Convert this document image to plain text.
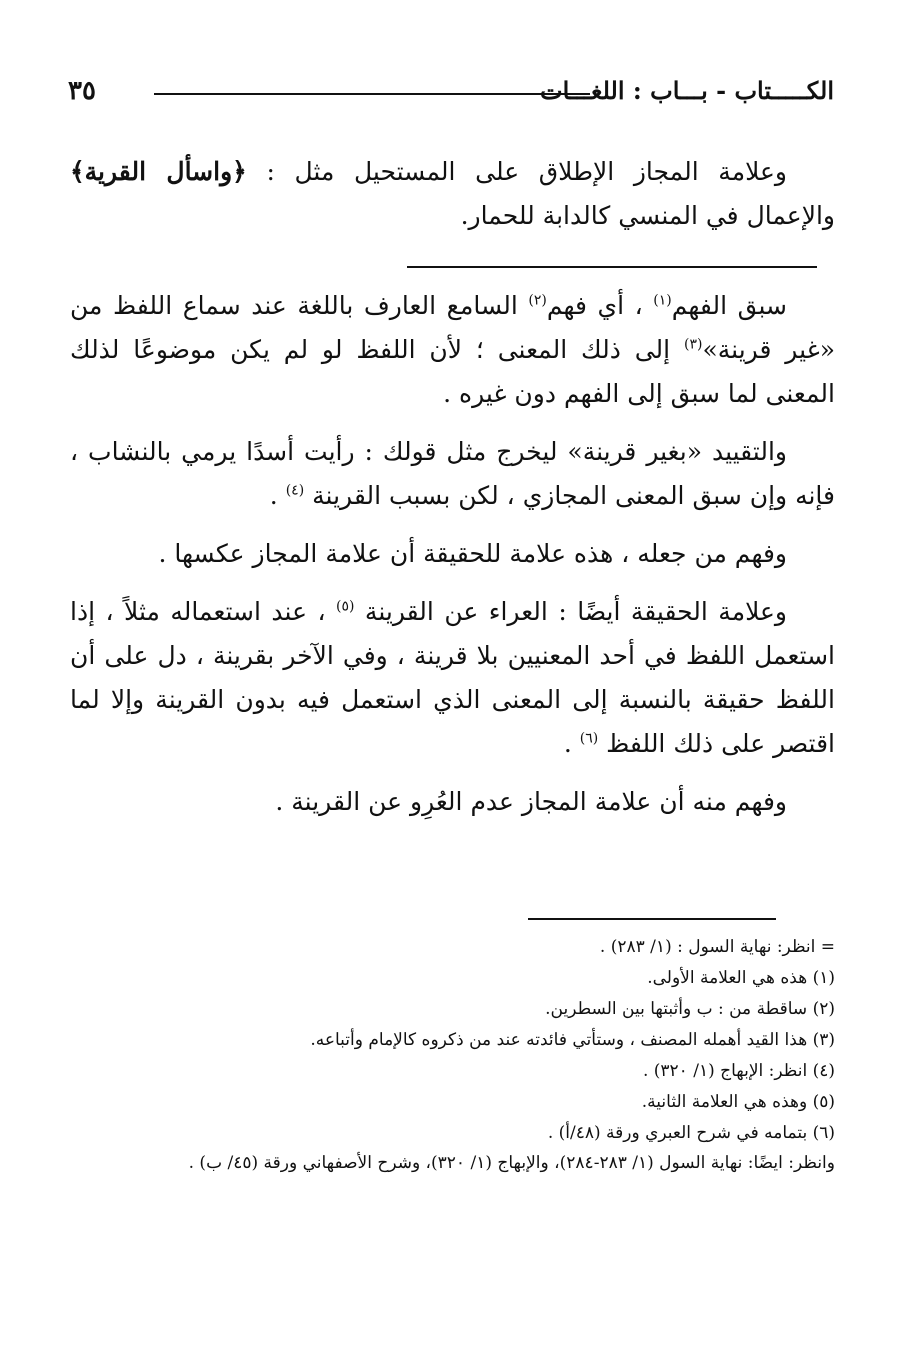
٣٥	الكـــــتاب - بـــاب : اللغـــات

وعلامة المجاز الإطلاق على المستحيل مثل : ﴿واسأل القرية﴾ والإعمال في المنسي كالدابة للحمار.

سبق الفهم$^{(١)}$ ، أي فهم$^{(٢)}$ السامع العارف باللغة عند سماع اللفظ من «غير قرينة»$^{(٣)}$ إلى ذلك المعنى ؛ لأن اللفظ لو لم يكن موضوعًا لذلك المعنى لما سبق إلى الفهم دون غيره .

والتقييد «بغير قرينة» ليخرج مثل قولك : رأيت أسدًا يرمي بالنشاب ، فإنه وإن سبق المعنى المجازي ، لكن بسبب القرينة $^{(٤)}$ .

وفهم من جعله ، هذه علامة للحقيقة أن علامة المجاز عكسها .

وعلامة الحقيقة أيضًا : العراء عن القرينة $^{(٥)}$ ، عند استعماله مثلاً ، إذا استعمل اللفظ في أحد المعنيين بلا قرينة ، وفي الآخر بقرينة ، دل على أن اللفظ حقيقة بالنسبة إلى المعنى الذي استعمل فيه بدون القرينة وإلا لما اقتصر على ذلك اللفظ $^{(٦)}$ .

وفهم منه أن علامة المجاز عدم العُرِو عن القرينة .

= انظر: نهاية السول : (١/ ٢٨٣) .

(١) هذه هي العلامة الأولى.

(٢) ساقطة من : ب وأثبتها بين السطرين.

(٣) هذا القيد أهمله المصنف ، وستأتي فائدته عند من ذكروه كالإمام وأتباعه.

(٤) انظر: الإبهاج (١/ ٣٢٠) .

(٥) وهذه هي العلامة الثانية.

(٦) بتمامه في شرح العبري ورقة (٤٨/أ) .

وانظر: ايضًا: نهاية السول (١/ ٢٨٣-٢٨٤)، والإبهاج (١/ ٣٢٠)، وشرح الأصفهاني ورقة (٤٥/ ب) .
